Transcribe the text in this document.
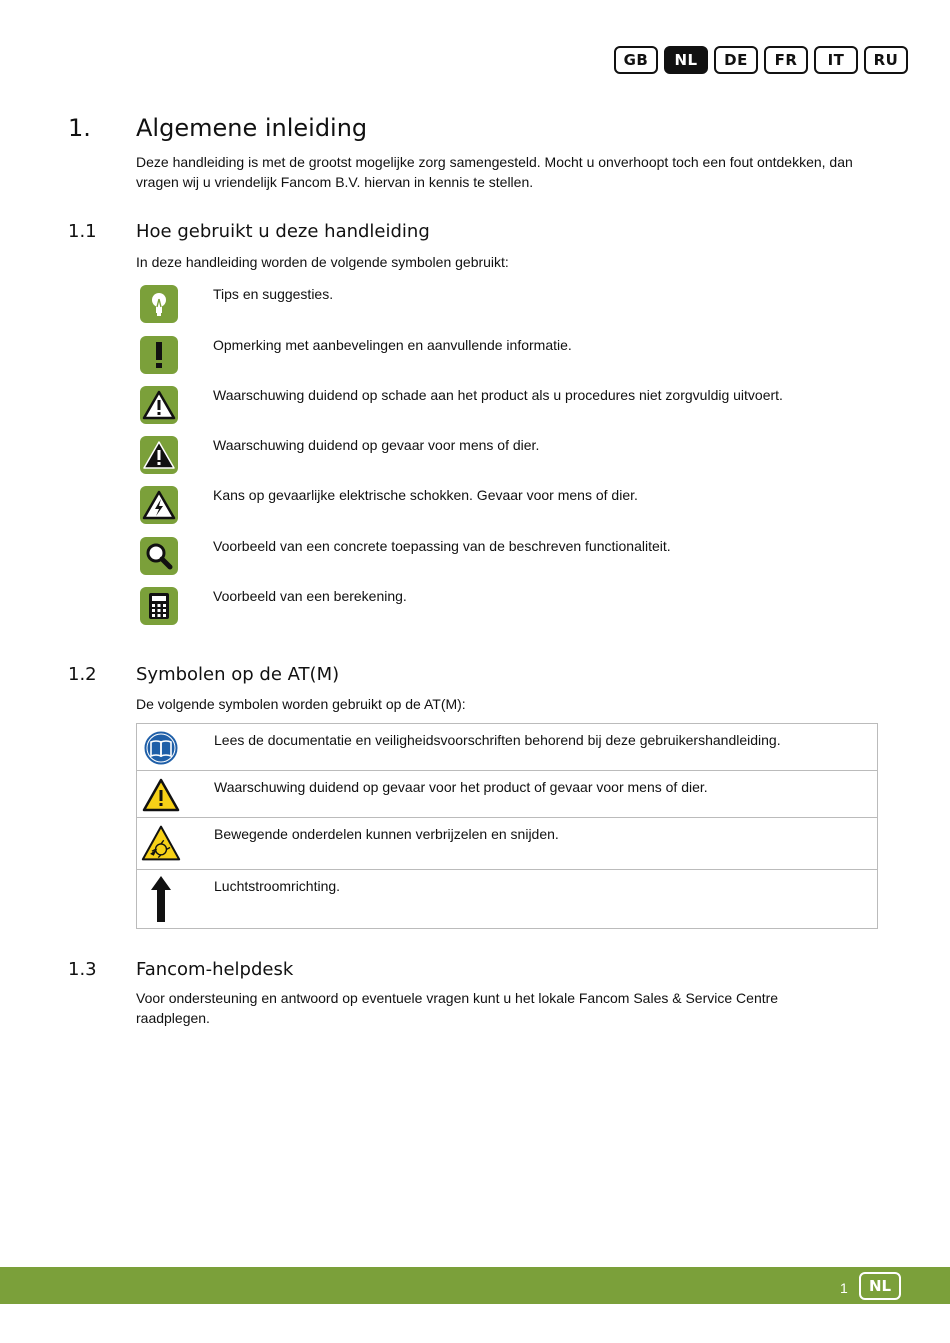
GB	NL	DE	FR	IT	RU
1.	Algemene inleiding
Deze handleiding is met de grootst mogelijke zorg samengesteld. Mocht u onverhoopt toch een fout ontdekken, dan vragen wij u vriendelijk Fancom B.V. hiervan in kennis te stellen.
1.1 Hoe gebruikt u deze handleiding
In deze handleiding worden de volgende symbolen gebruikt:
Tips en suggesties.
Opmerking met aanbevelingen en aanvullende informatie.
Waarschuwing duidend op schade aan het product als u procedures niet zorgvuldig uitvoert.
Waarschuwing duidend op gevaar voor mens of dier.
Kans op gevaarlijke elektrische schokken. Gevaar voor mens of dier.
Voorbeeld van een concrete toepassing van de beschreven functionaliteit.
Voorbeeld van een berekening.
1.2 Symbolen op de AT(M)
De volgende symbolen worden gebruikt op de AT(M):
Lees de documentatie en veiligheidsvoorschriften behorend bij deze gebruikershandleiding.
Waarschuwing duidend op gevaar voor het product of gevaar voor mens of dier.
Bewegende onderdelen kunnen verbrijzelen en snijden.
Luchtstroomrichting.
1.3 Fancom-helpdesk
Voor ondersteuning en antwoord op eventuele vragen kunt u het lokale Fancom Sales & Service Centre raadplegen.
1	NL
